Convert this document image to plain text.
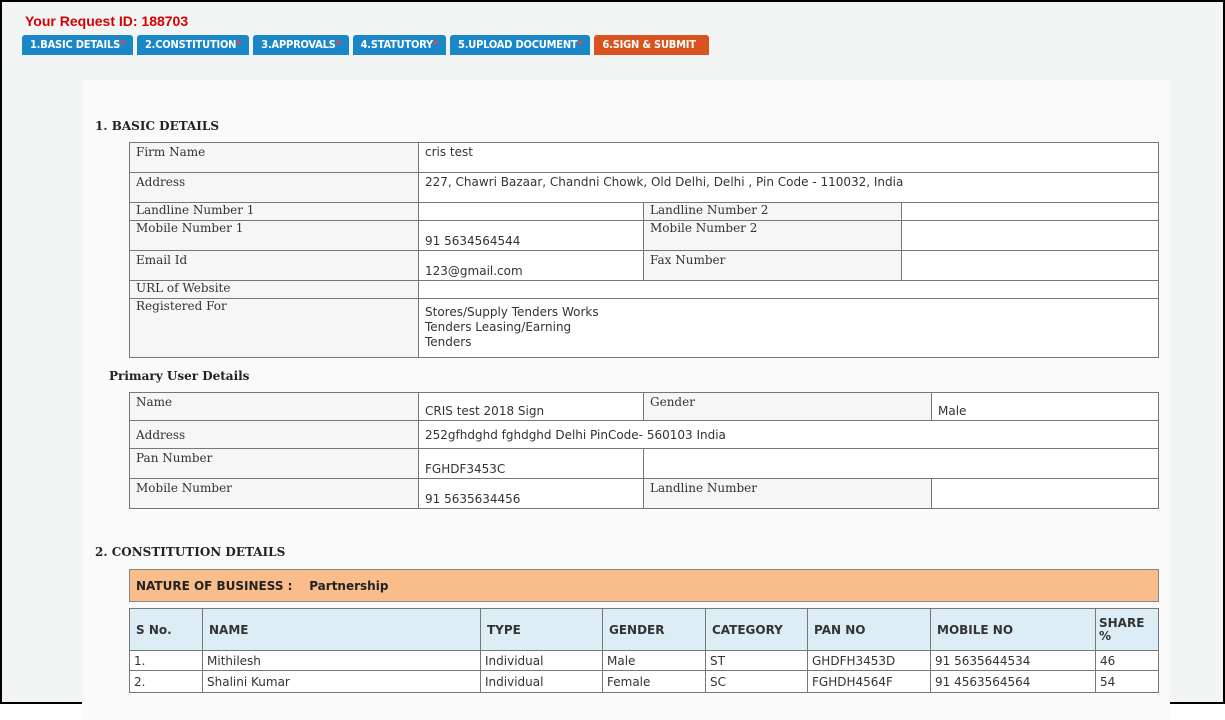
Your Request ID: 188703
1.BASIC DETAILS*	2.CONSTITUTION*	3.APPROVALS*	4.STATUTORY*	5.UPLOAD DOCUMENT*	6.SIGN & SUBMIT*
1. BASIC DETAILS
Firm Name	cris test		
Address	227, Chawri Bazaar, Chandni Chowk, Old Delhi, Delhi , Pin Code - 110032, India		
Landline Number 1		Landline Number 2	
Mobile Number 1	91 5634564544	Mobile Number 2	
Email Id	123@gmail.com	Fax Number	
URL of Website			
Registered For	Stores/Supply Tenders Works
Tenders Leasing/Earning
Tenders		
Primary User Details
Name	CRIS test 2018 Sign	Gender	Male
Address	252gfhdghd fghdghd Delhi PinCode- 560103 India		
Pan Number	FGHDF3453C		
Mobile Number	91 5635634456	Landline Number	
2. CONSTITUTION DETAILS
NATURE OF BUSINESS : Partnership
S No.	NAME	TYPE	GENDER	CATEGORY	PAN NO	MOBILE NO	SHARE %
1.	Mithilesh	Individual	Male	ST	GHDFH3453D	91 5635644534	46
2.	Shalini Kumar	Individual	Female	SC	FGHDH4564F	91 4563564564	54
